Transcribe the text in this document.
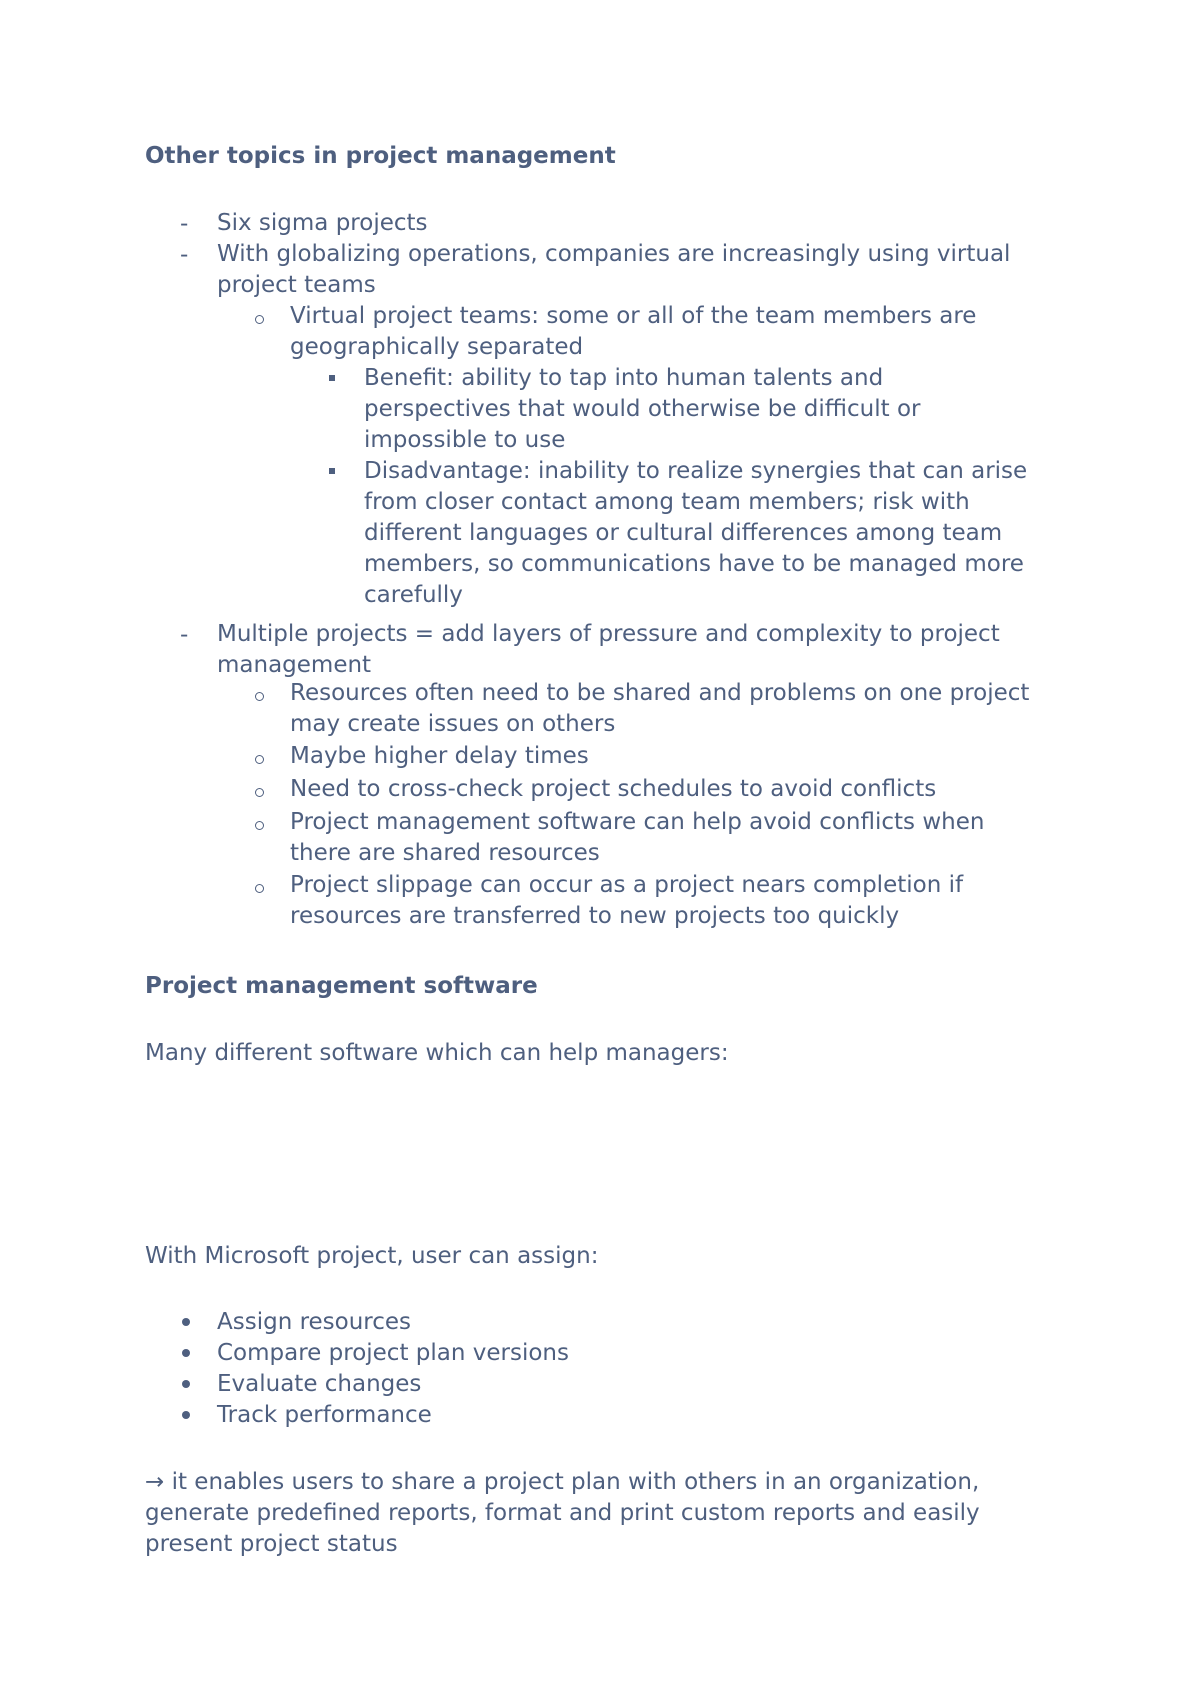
Other topics in project management
- Six sigma projects

- With globalizing operations, companies are increasingly using virtual project teams

Virtual project teams: some or all of the team members are geographically separated

Benefit: ability to tap into human talents and perspectives that would otherwise be difficult or impossible to use

Disadvantage: inability to realize synergies that can arise from closer contact among team members; risk with different languages or cultural differences among team members, so communications have to be managed more carefully

- Multiple projects = add layers of pressure and complexity to project management

Resources often need to be shared and problems on one project may create issues on others

Maybe higher delay times

Need to cross-check project schedules to avoid conflicts

Project management software can help avoid conflicts when there are shared resources

Project slippage can occur as a project nears completion if resources are transferred to new projects too quickly

Project management software

Many different software which can help managers:

With Microsoft project, user can assign:

Assign resources

Compare project plan versions

Evaluate changes

Track performance

→ it enables users to share a project plan with others in an organization, generate predefined reports, format and print custom reports and easily present project status
